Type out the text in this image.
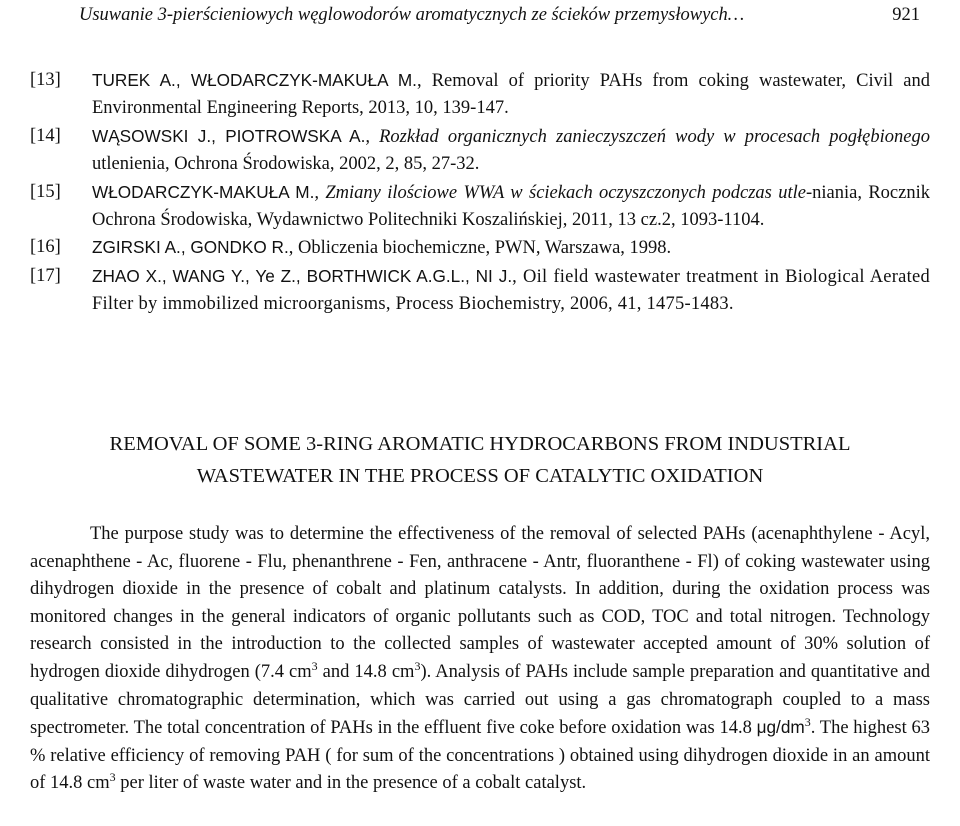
Usuwanie 3-pierścieniowych węglowodorów aromatycznych ze ścieków przemysłowych…	921
[13] TUREK A., WŁODARCZYK-MAKUŁA M., Removal of priority PAHs from coking wastewater, Civil and Environmental Engineering Reports, 2013, 10, 139-147.
[14] WĄSOWSKI J., PIOTROWSKA A., Rozkład organicznych zanieczyszczeń wody w procesach pogłębionego utlenienia, Ochrona Środowiska, 2002, 2, 85, 27-32.
[15] WŁODARCZYK-MAKUŁA M., Zmiany ilościowe WWA w ściekach oczyszczonych podczas utle-niania, Rocznik Ochrona Środowiska, Wydawnictwo Politechniki Koszalińskiej, 2011, 13 cz.2, 1093-1104.
[16] ZGIRSKI A., GONDKO R., Obliczenia biochemiczne, PWN, Warszawa, 1998.
[17] ZHAO X., WANG Y., Ye Z., BORTHWICK A.G.L., NI J., Oil field wastewater treatment in Biological Aerated Filter by immobilized microorganisms, Process Biochemistry, 2006, 41, 1475-1483.
REMOVAL OF SOME 3-RING AROMATIC HYDROCARBONS FROM INDUSTRIAL
WASTEWATER IN THE PROCESS OF CATALYTIC OXIDATION
The purpose study was to determine the effectiveness of the removal of selected PAHs (acenaphthylene - Acyl, acenaphthene - Ac, fluorene - Flu, phenanthrene - Fen, anthracene - Antr, fluoranthene - Fl) of coking wastewater using dihydrogen dioxide in the presence of cobalt and platinum catalysts. In addition, during the oxidation process was monitored changes in the general indicators of organic pollutants such as COD, TOC and total nitrogen. Technology research consisted in the introduction to the collected samples of wastewater accepted amount of 30% solution of hydrogen dioxide dihydrogen (7.4 $cm^3$ and 14.8 $cm^3$). Analysis of PAHs include sample preparation and quantitative and qualitative chromatographic determination, which was carried out using a gas chromatograph coupled to a mass spectrometer. The total concentration of PAHs in the effluent five coke before oxidation was 14.8 $\mu g/dm^3$. The highest 63 % relative efficiency of removing PAH ( for sum of the concentrations ) obtained using dihydrogen dioxide in an amount of 14.8 $cm^3$ per liter of waste water and in the presence of a cobalt catalyst.
